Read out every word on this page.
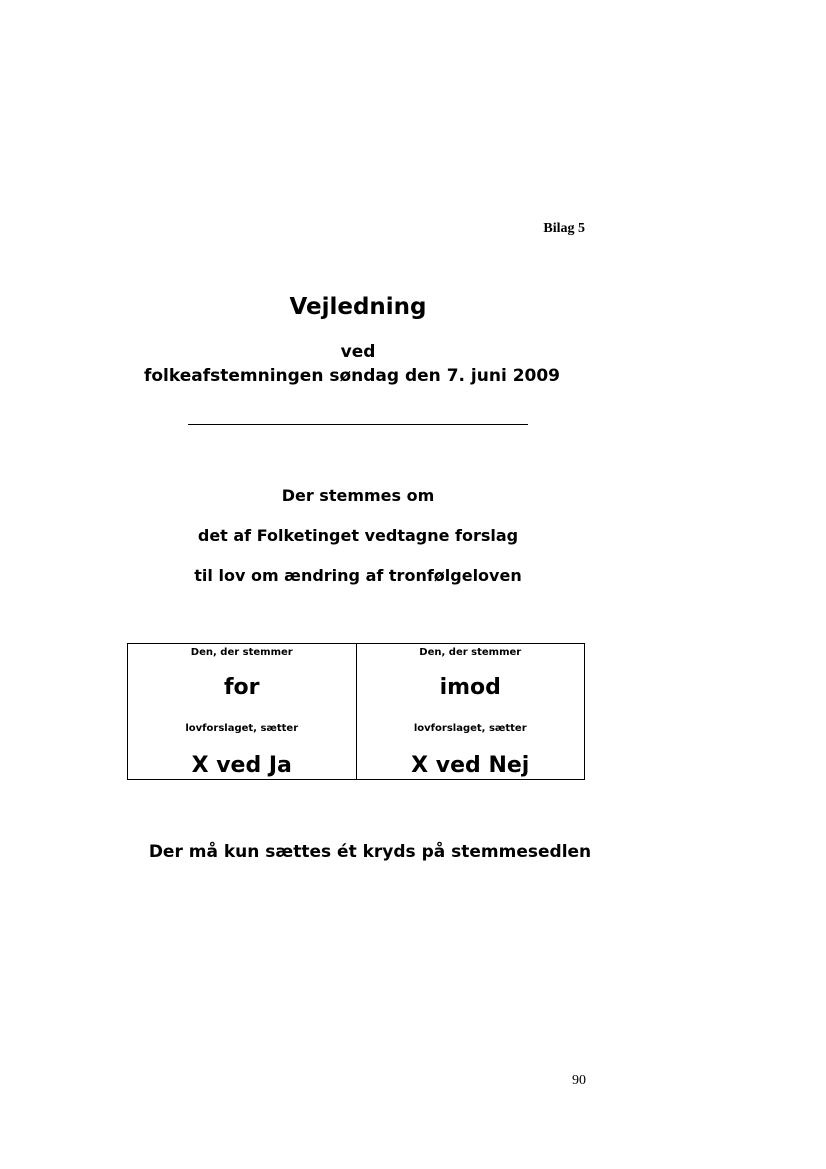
Bilag 5
Vejledning
ved
folkeafstemningen søndag den 7. juni 2009
Der stemmes om
det af Folketinget vedtagne forslag
til lov om ændring af tronfølgeloven
Den, der stemmer
for
lovforslaget, sætter
X ved Ja
Den, der stemmer
imod
lovforslaget, sætter
X ved Nej
Der må kun sættes ét kryds på stemmesedlen
90
